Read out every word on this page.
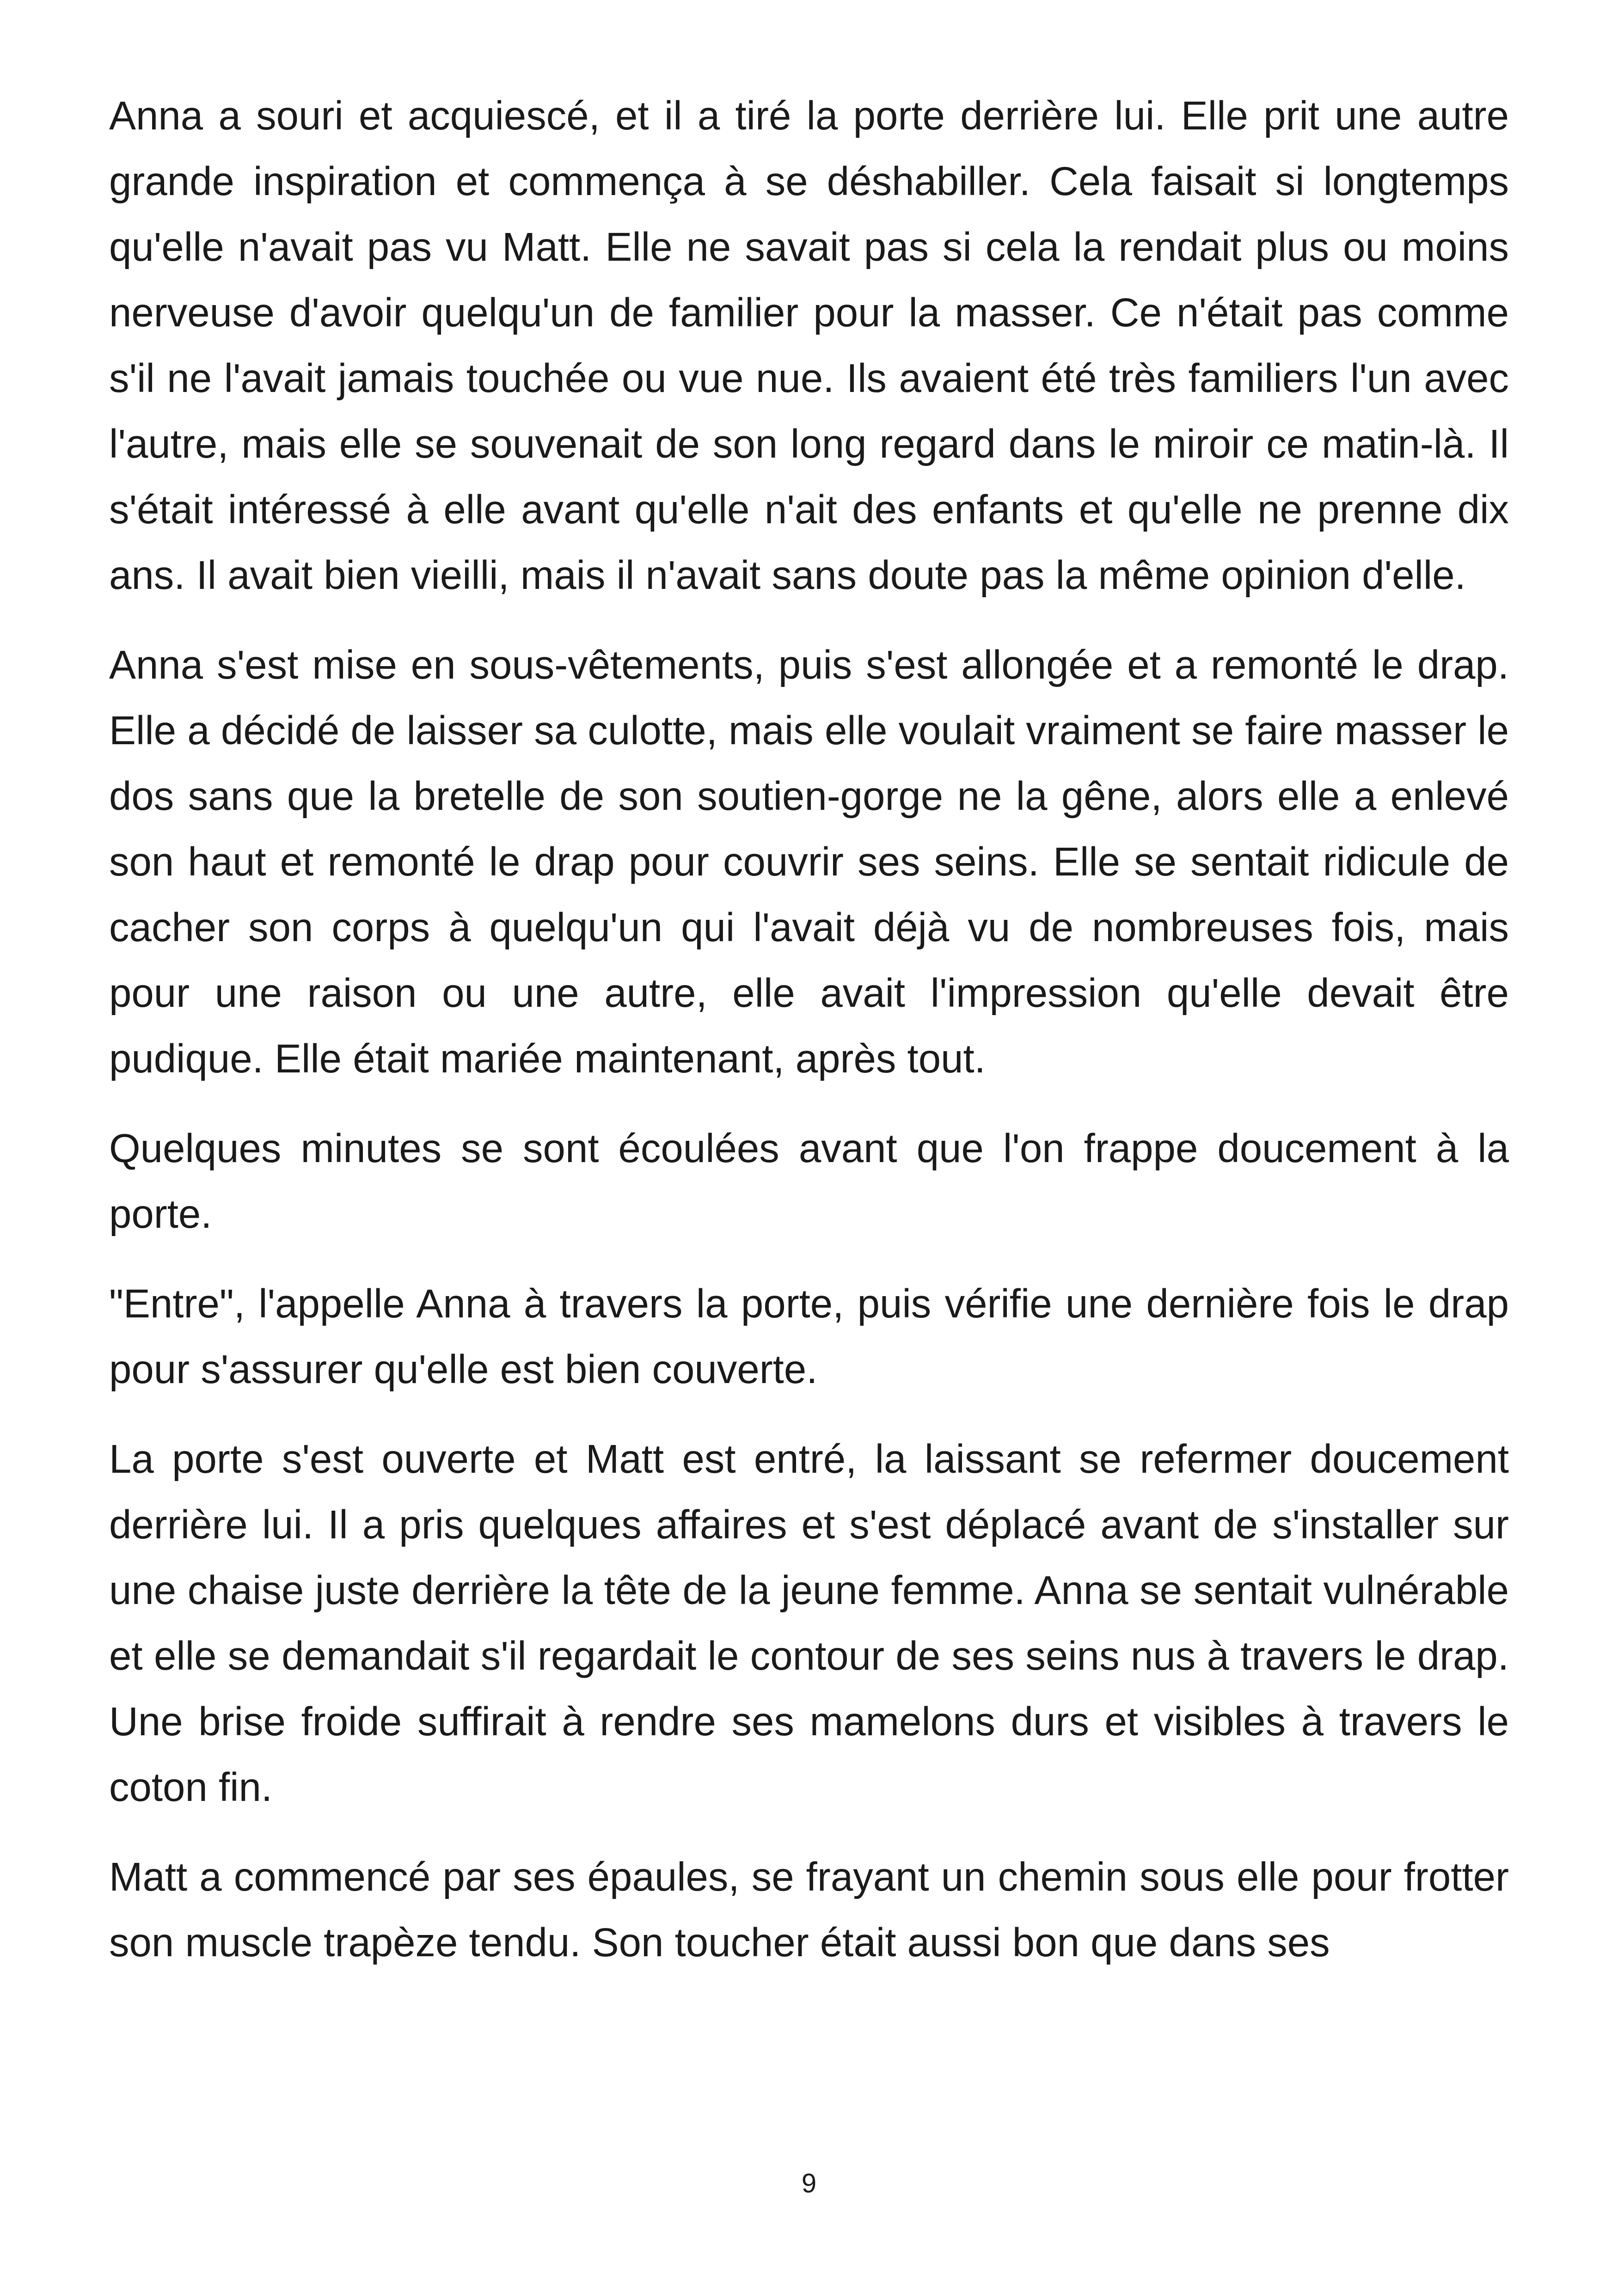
Anna a souri et acquiescé, et il a tiré la porte derrière lui. Elle prit une autre grande inspiration et commença à se déshabiller. Cela faisait si longtemps qu'elle n'avait pas vu Matt. Elle ne savait pas si cela la rendait plus ou moins nerveuse d'avoir quelqu'un de familier pour la masser. Ce n'était pas comme s'il ne l'avait jamais touchée ou vue nue. Ils avaient été très familiers l'un avec l'autre, mais elle se souvenait de son long regard dans le miroir ce matin-là. Il s'était intéressé à elle avant qu'elle n'ait des enfants et qu'elle ne prenne dix ans. Il avait bien vieilli, mais il n'avait sans doute pas la même opinion d'elle.

Anna s'est mise en sous-vêtements, puis s'est allongée et a remonté le drap. Elle a décidé de laisser sa culotte, mais elle voulait vraiment se faire masser le dos sans que la bretelle de son soutien-gorge ne la gêne, alors elle a enlevé son haut et remonté le drap pour couvrir ses seins. Elle se sentait ridicule de cacher son corps à quelqu'un qui l'avait déjà vu de nombreuses fois, mais pour une raison ou une autre, elle avait l'impression qu'elle devait être pudique. Elle était mariée maintenant, après tout.

Quelques minutes se sont écoulées avant que l'on frappe doucement à la porte.

"Entre", l'appelle Anna à travers la porte, puis vérifie une dernière fois le drap pour s'assurer qu'elle est bien couverte.

La porte s'est ouverte et Matt est entré, la laissant se refermer doucement derrière lui. Il a pris quelques affaires et s'est déplacé avant de s'installer sur une chaise juste derrière la tête de la jeune femme. Anna se sentait vulnérable et elle se demandait s'il regardait le contour de ses seins nus à travers le drap. Une brise froide suffirait à rendre ses mamelons durs et visibles à travers le coton fin.

Matt a commencé par ses épaules, se frayant un chemin sous elle pour frotter son muscle trapèze tendu. Son toucher était aussi bon que dans ses

9
